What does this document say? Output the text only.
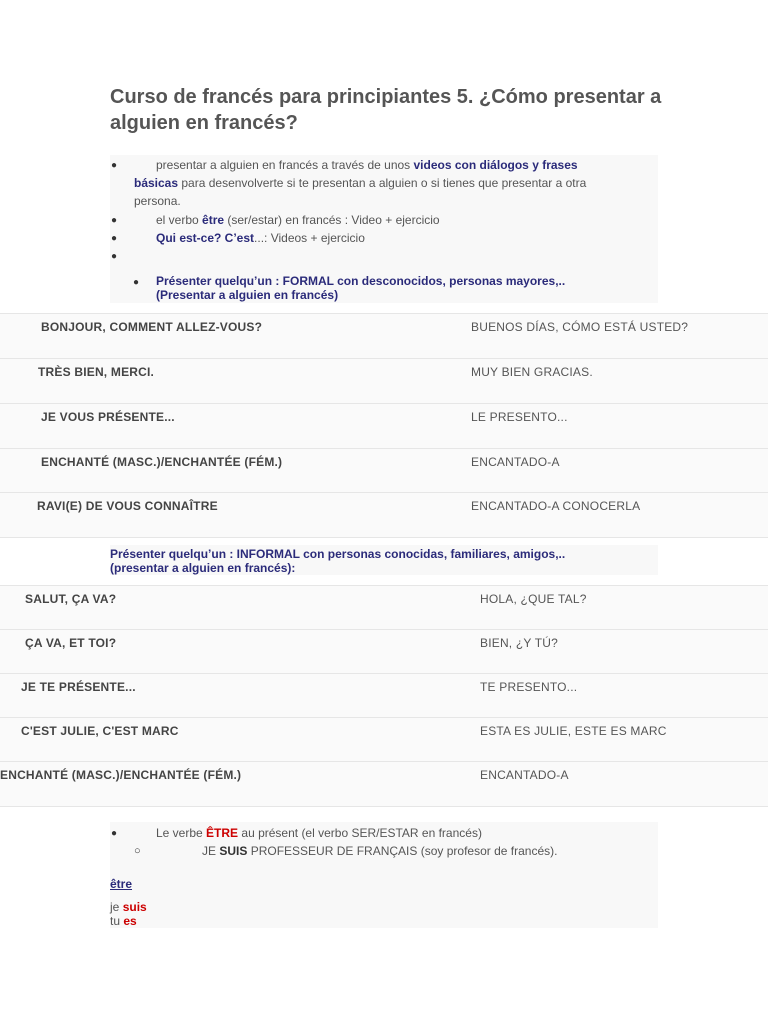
Curso de francés para principiantes 5. ¿Cómo presentar a alguien en francés?
●	presentar a alguien en francés a través de unos videos con diálogos y frases
básicas para desenvolverte si te presentan a alguien o si tienes que presentar a otra
persona.
●	el verbo être (ser/estar) en francés : Video + ejercicio
●	Qui est-ce? C’est...: Videos + ejercicio
●
● Présenter quelqu’un : FORMAL con desconocidos, personas mayores,..
(Presentar a alguien en francés)
BONJOUR, COMMENT ALLEZ-VOUS?	BUENOS DÍAS, CÓMO ESTÁ USTED?
TRÈS BIEN, MERCI.	MUY BIEN GRACIAS.
JE VOUS PRÉSENTE...	LE PRESENTO...
ENCHANTÉ (MASC.)/ENCHANTÉE (FÉM.)	ENCANTADO-A
RAVI(E) DE VOUS CONNAÎTRE	ENCANTADO-A CONOCERLA
Présenter quelqu’un : INFORMAL con personas conocidas, familiares, amigos,..
(presentar a alguien en francés):
SALUT, ÇA VA?	HOLA, ¿QUE TAL?
ÇA VA, ET TOI?	BIEN, ¿Y TÚ?
JE TE PRÉSENTE...	TE PRESENTO...
C'EST JULIE, C'EST MARC	ESTA ES JULIE, ESTE ES MARC
ENCHANTÉ (MASC.)/ENCHANTÉE (FÉM.)	ENCANTADO-A
●	Le verbe ÊTRE au présent (el verbo SER/ESTAR en francés)
○	JE SUIS PROFESSEUR DE FRANÇAIS (soy profesor de francés).
être
je suis
tu es
